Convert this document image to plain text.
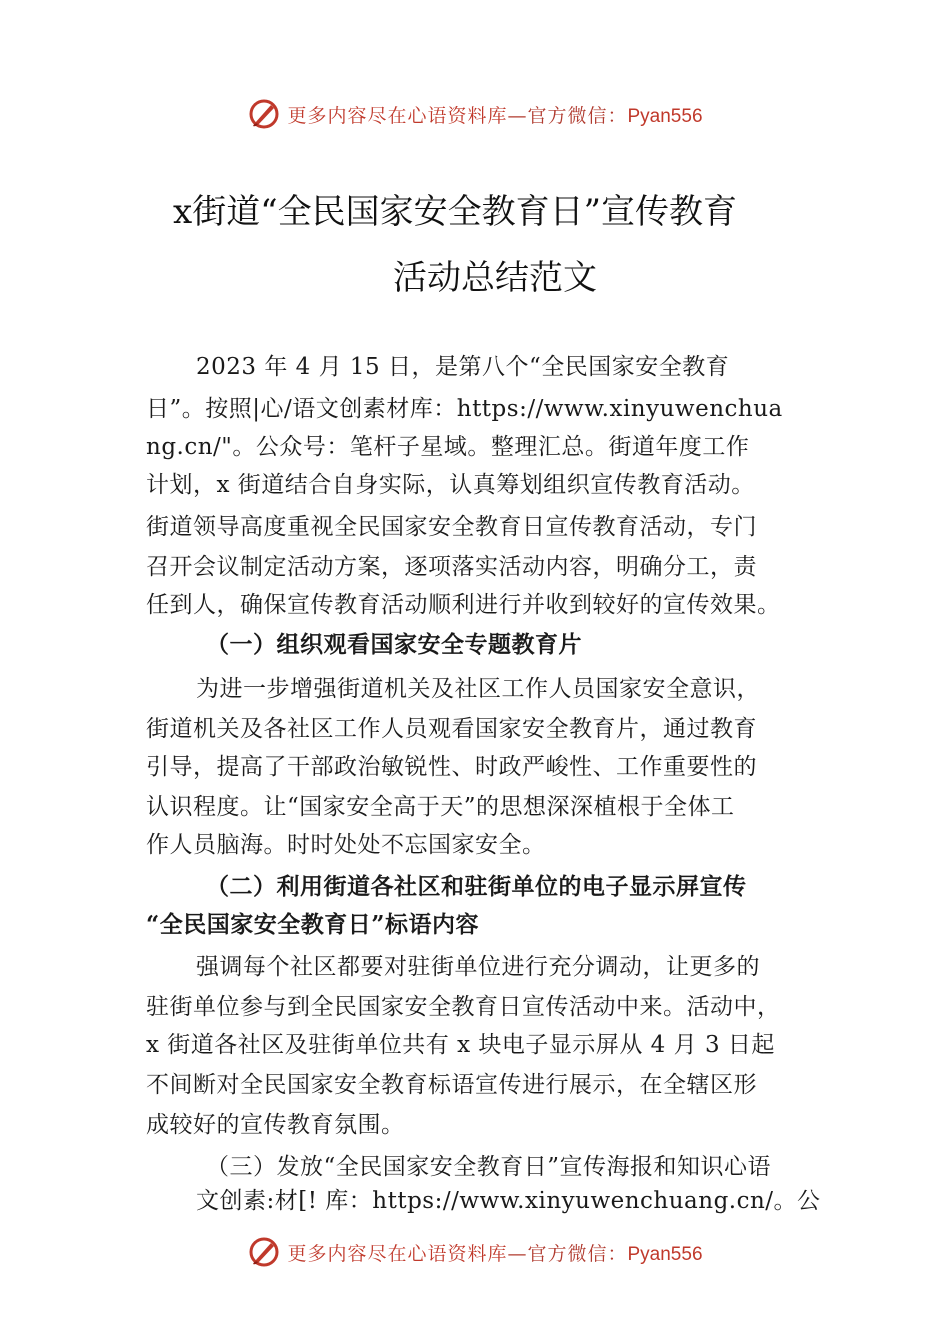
更多内容尽在心语资料库—官方微信：Pyan556
x街道“全民国家安全教育日”宣传教育
活动总结范文
2023 年 4 月 15 日，是第八个“全民国家安全教育
日”。按照|心/语文创素材库：https://www.xinyuwenchua
ng.cn/"。公众号：笔杆子星域。整理汇总。街道年度工作
计划，x 街道结合自身实际，认真筹划组织宣传教育活动。
街道领导高度重视全民国家安全教育日宣传教育活动，专门
召开会议制定活动方案，逐项落实活动内容，明确分工，责
任到人，确保宣传教育活动顺利进行并收到较好的宣传效果。
（一）组织观看国家安全专题教育片
为进一步增强街道机关及社区工作人员国家安全意识，
街道机关及各社区工作人员观看国家安全教育片，通过教育
引导，提高了干部政治敏锐性、时政严峻性、工作重要性的
认识程度。让“国家安全高于天”的思想深深植根于全体工
作人员脑海。时时处处不忘国家安全。
（二）利用街道各社区和驻街单位的电子显示屏宣传
“全民国家安全教育日”标语内容
强调每个社区都要对驻街单位进行充分调动，让更多的
驻街单位参与到全民国家安全教育日宣传活动中来。活动中，
x 街道各社区及驻街单位共有 x 块电子显示屏从 4 月 3 日起
不间断对全民国家安全教育标语宣传进行展示，在全辖区形
成较好的宣传教育氛围。
（三）发放“全民国家安全教育日”宣传海报和知识心语
文创素:材[! 库：https://www.xinyuwenchuang.cn/。公
更多内容尽在心语资料库—官方微信：Pyan556
